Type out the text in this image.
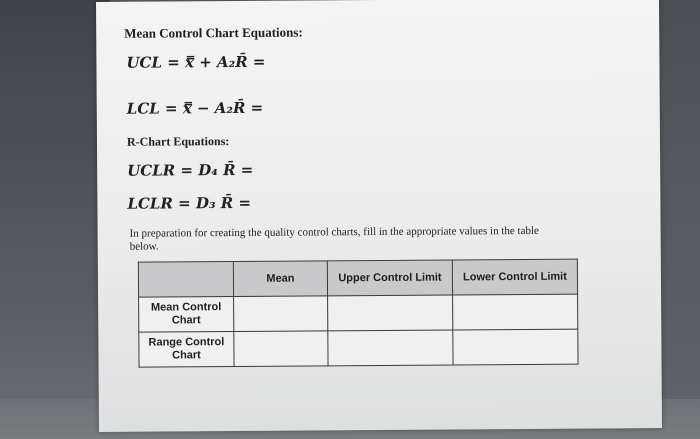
Mean Control Chart Equations:
UCL = x̿ + A₂R̄ =
LCL = x̿ − A₂R̄ =
R-Chart Equations:
UCLR = D₄ R̄ =
LCLR = D₃ R̄ =
In preparation for creating the quality control charts, fill in the appropriate values in the table below.
	Mean	Upper Control Limit	Lower Control Limit
Mean Control Chart			
Range Control Chart			
